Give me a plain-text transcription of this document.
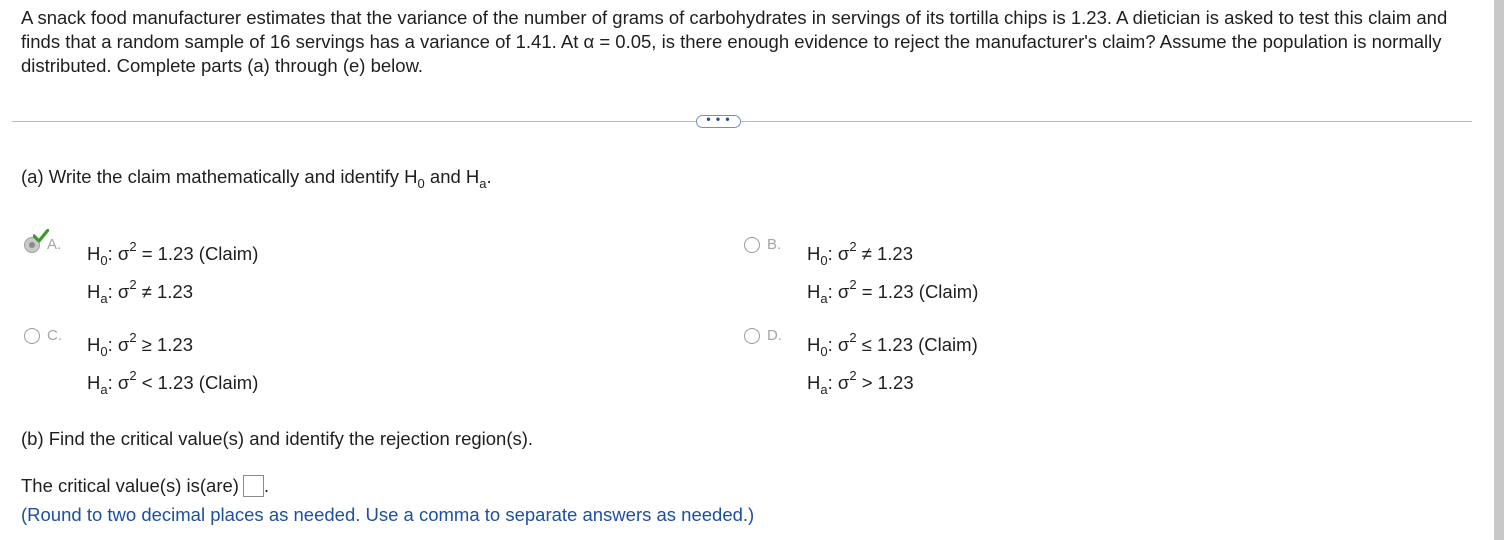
A snack food manufacturer estimates that the variance of the number of grams of carbohydrates in servings of its tortilla chips is 1.23. A dietician is asked to test this claim and finds that a random sample of 16 servings has a variance of 1.41. At α = 0.05, is there enough evidence to reject the manufacturer's claim? Assume the population is normally distributed. Complete parts (a) through (e) below.
• • •
(a) Write the claim mathematically and identify $H_0$ and $H_a$.
A. $H_0$: $\sigma^2 = 1.23$ (Claim)
$H_a$: $\sigma^2 \ne 1.23$
B. $H_0$: $\sigma^2 \ne 1.23$
$H_a$: $\sigma^2 = 1.23$ (Claim)
C. $H_0$: $\sigma^2 \ge 1.23$
$H_a$: $\sigma^2 < 1.23$ (Claim)
D. $H_0$: $\sigma^2 \le 1.23$ (Claim)
$H_a$: $\sigma^2 > 1.23$
(b) Find the critical value(s) and identify the rejection region(s).
The critical value(s) is(are) .
(Round to two decimal places as needed. Use a comma to separate answers as needed.)
